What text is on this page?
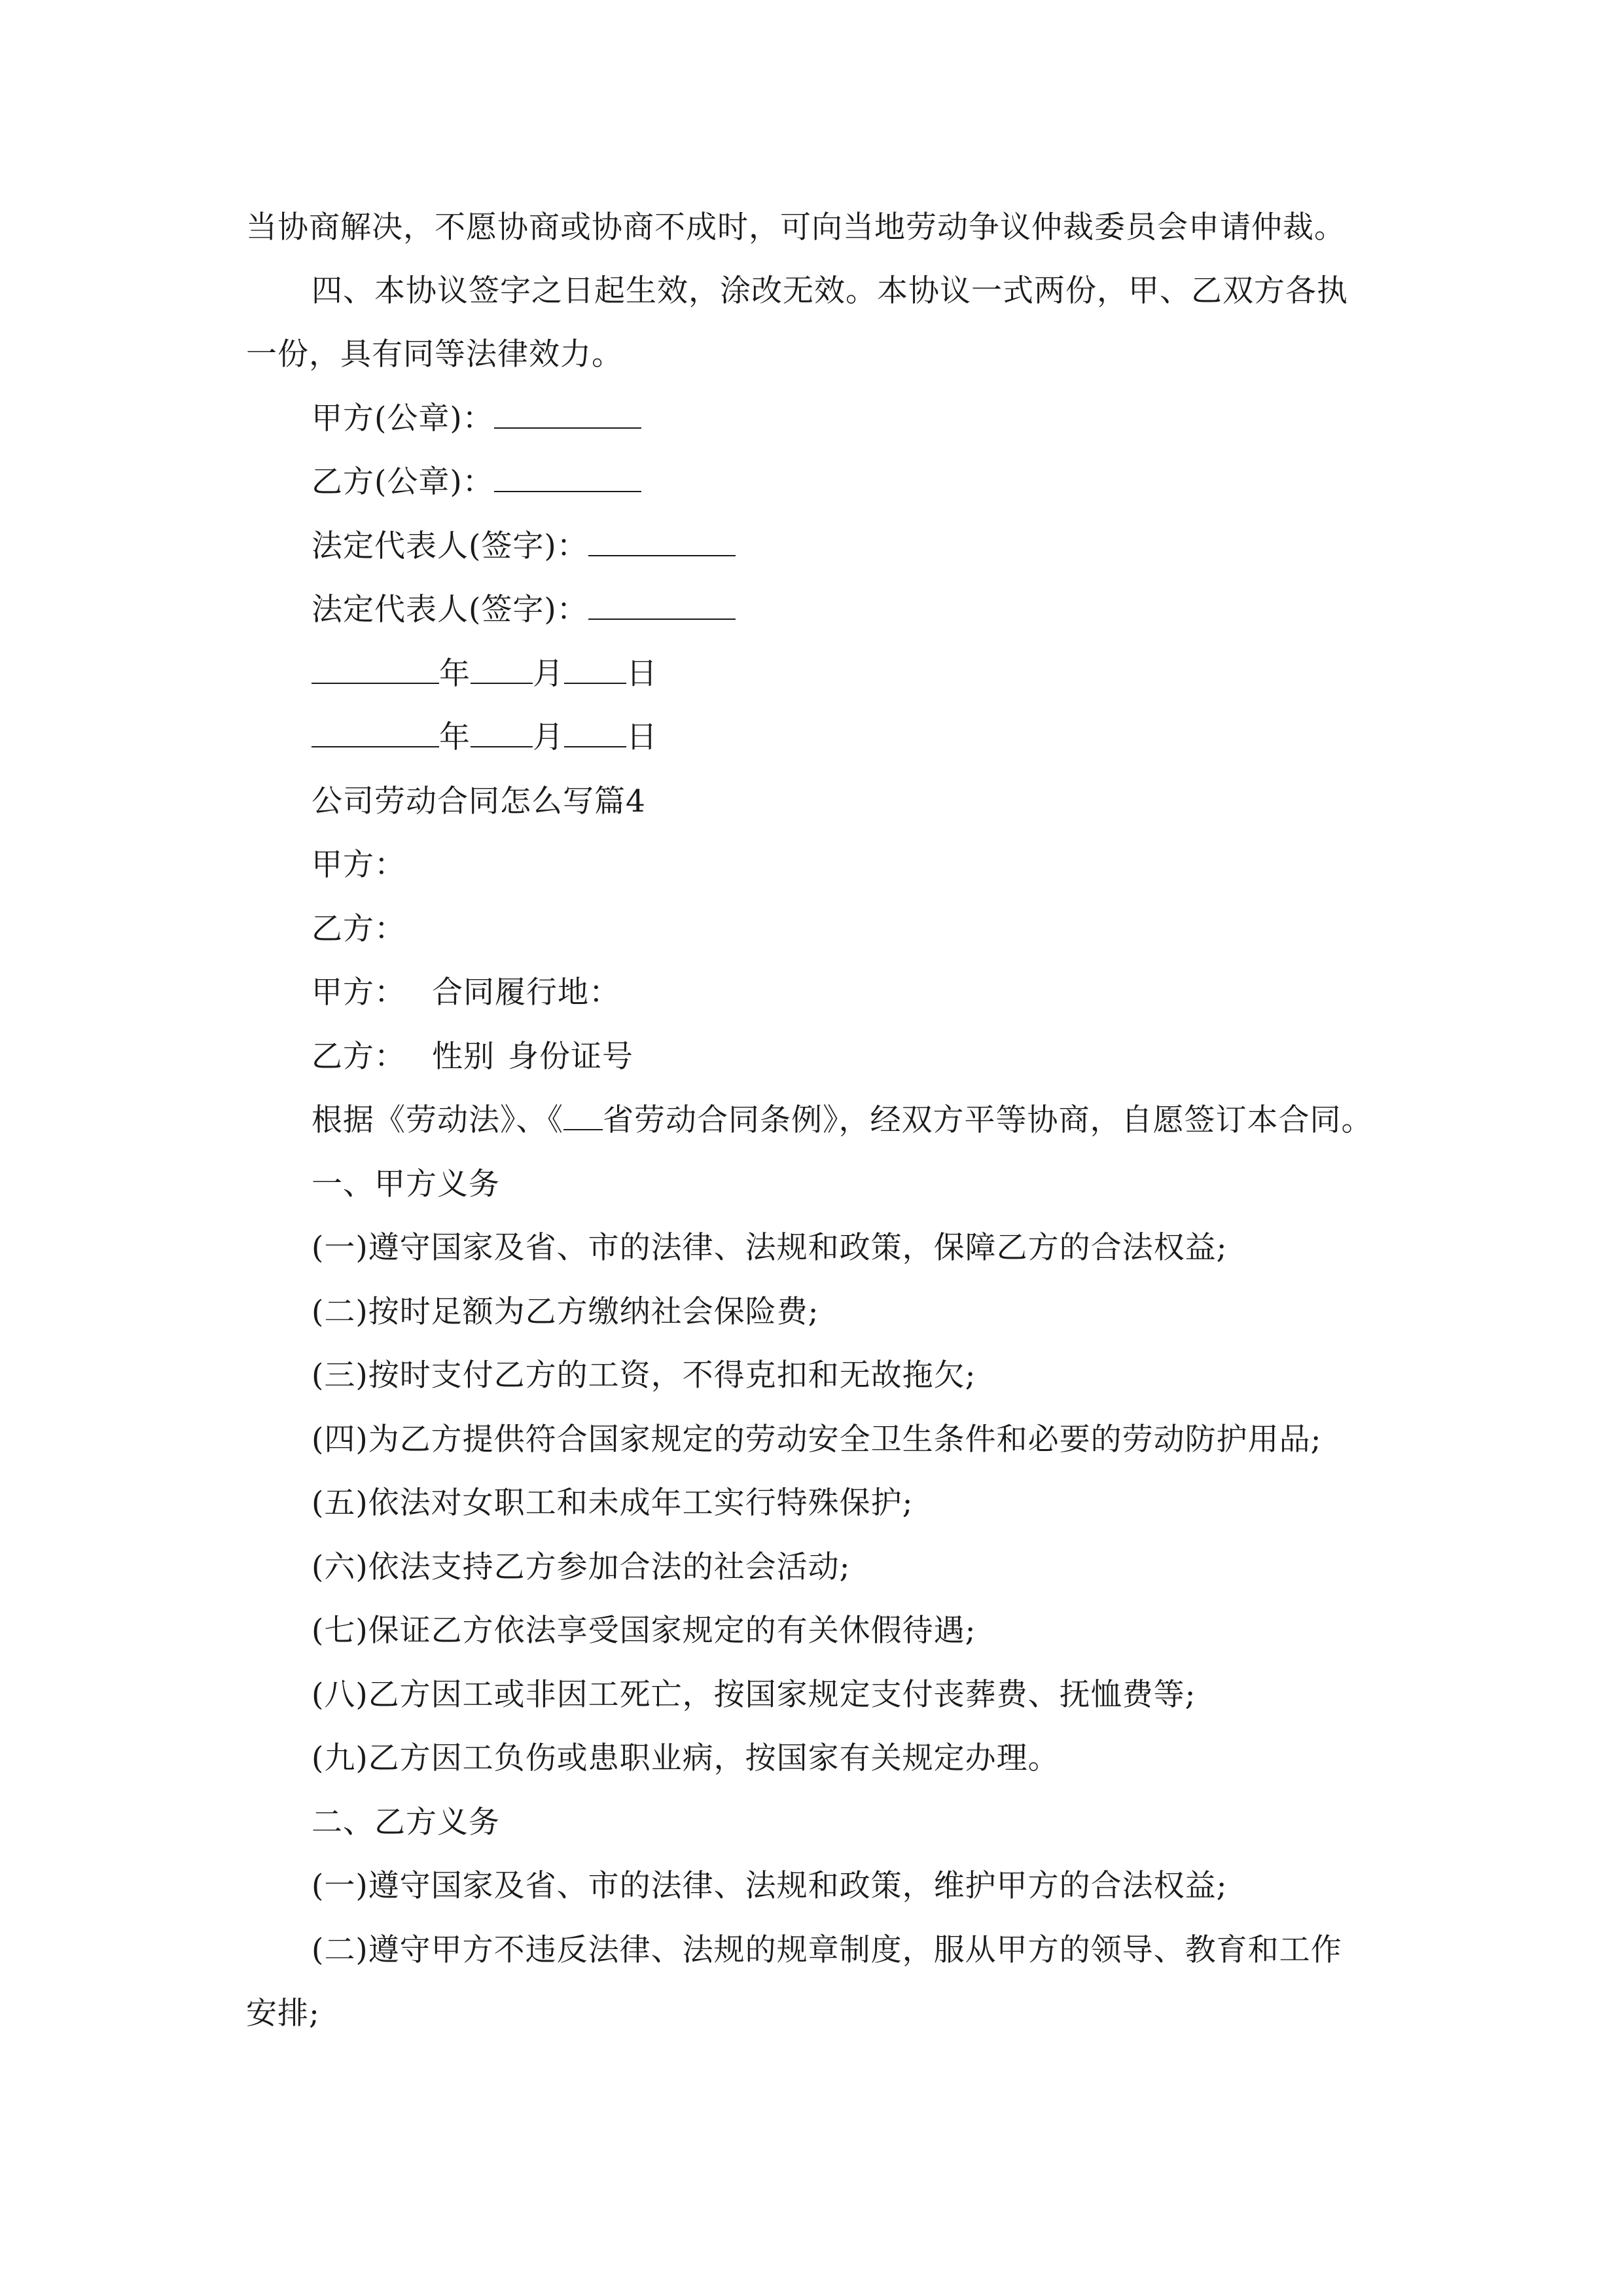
当协商解决，不愿协商或协商不成时，可向当地劳动争议仲裁委员会申请仲裁。
四、本协议签字之日起生效，涂改无效。本协议一式两份，甲、乙双方各执
一份，具有同等法律效力。
甲方(公章)：
乙方(公章)：
法定代表人(签字)：
法定代表人(签字)：
年 月 日
年 月 日
公司劳动合同怎么写篇4
甲方：
乙方：
甲方： 合同履行地：
乙方： 性别 身份证号
根据《劳动法》、《 省劳动合同条例》，经双方平等协商，自愿签订本合同。
一、甲方义务
(一)遵守国家及省、市的法律、法规和政策，保障乙方的合法权益;
(二)按时足额为乙方缴纳社会保险费;
(三)按时支付乙方的工资，不得克扣和无故拖欠;
(四)为乙方提供符合国家规定的劳动安全卫生条件和必要的劳动防护用品;
(五)依法对女职工和未成年工实行特殊保护;
(六)依法支持乙方参加合法的社会活动;
(七)保证乙方依法享受国家规定的有关休假待遇;
(八)乙方因工或非因工死亡，按国家规定支付丧葬费、抚恤费等;
(九)乙方因工负伤或患职业病，按国家有关规定办理。
二、乙方义务
(一)遵守国家及省、市的法律、法规和政策，维护甲方的合法权益;
(二)遵守甲方不违反法律、法规的规章制度，服从甲方的领导、教育和工作
安排;
